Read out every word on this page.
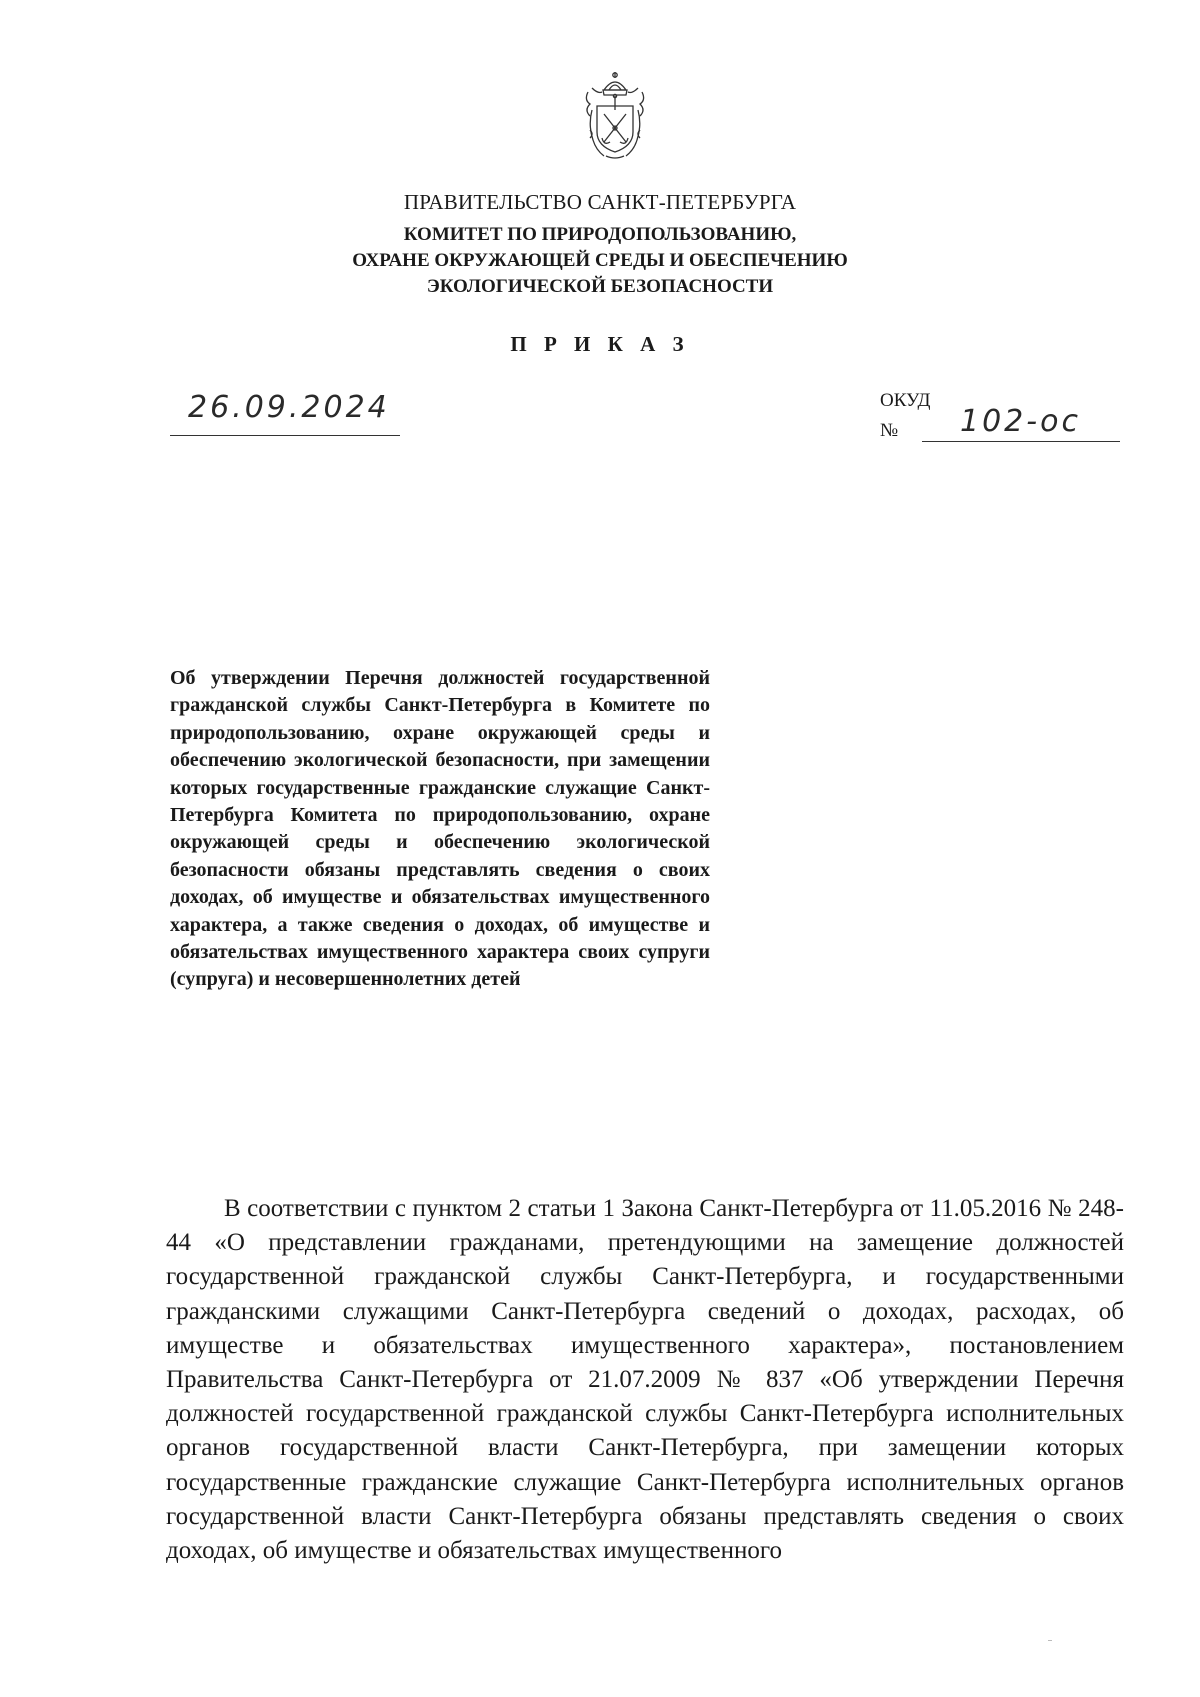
ПРАВИТЕЛЬСТВО САНКТ-ПЕТЕРБУРГА
КОМИТЕТ ПО ПРИРОДОПОЛЬЗОВАНИЮ,
ОХРАНЕ ОКРУЖАЮЩЕЙ СРЕДЫ И ОБЕСПЕЧЕНИЮ
ЭКОЛОГИЧЕСКОЙ БЕЗОПАСНОСТИ
П Р И К А З
26.09.2024	ОКУД
№ 102-ос
Об утверждении Перечня должностей государственной гражданской службы Санкт-Петербурга в Комитете по природопользованию, охране окружающей среды и обеспечению экологической безопасности, при замещении которых государственные гражданские служащие Санкт-Петербурга Комитета по природопользованию, охране окружающей среды и обеспечению экологической безопасности обязаны представлять сведения о своих доходах, об имуществе и обязательствах имущественного характера, а также сведения о доходах, об имуществе и обязательствах имущественного характера своих супруги (супруга) и несовершеннолетних детей
В соответствии с пунктом 2 статьи 1 Закона Санкт-Петербурга от 11.05.2016 № 248-44 «О представлении гражданами, претендующими на замещение должностей государственной гражданской службы Санкт-Петербурга, и государственными гражданскими служащими Санкт-Петербурга сведений о доходах, расходах, об имуществе и обязательствах имущественного характера», постановлением Правительства Санкт-Петербурга от 21.07.2009 № 837 «Об утверждении Перечня должностей государственной гражданской службы Санкт-Петербурга исполнительных органов государственной власти Санкт-Петербурга, при замещении которых государственные гражданские служащие Санкт-Петербурга исполнительных органов государственной власти Санкт-Петербурга обязаны представлять сведения о своих доходах, об имуществе и обязательствах имущественного
